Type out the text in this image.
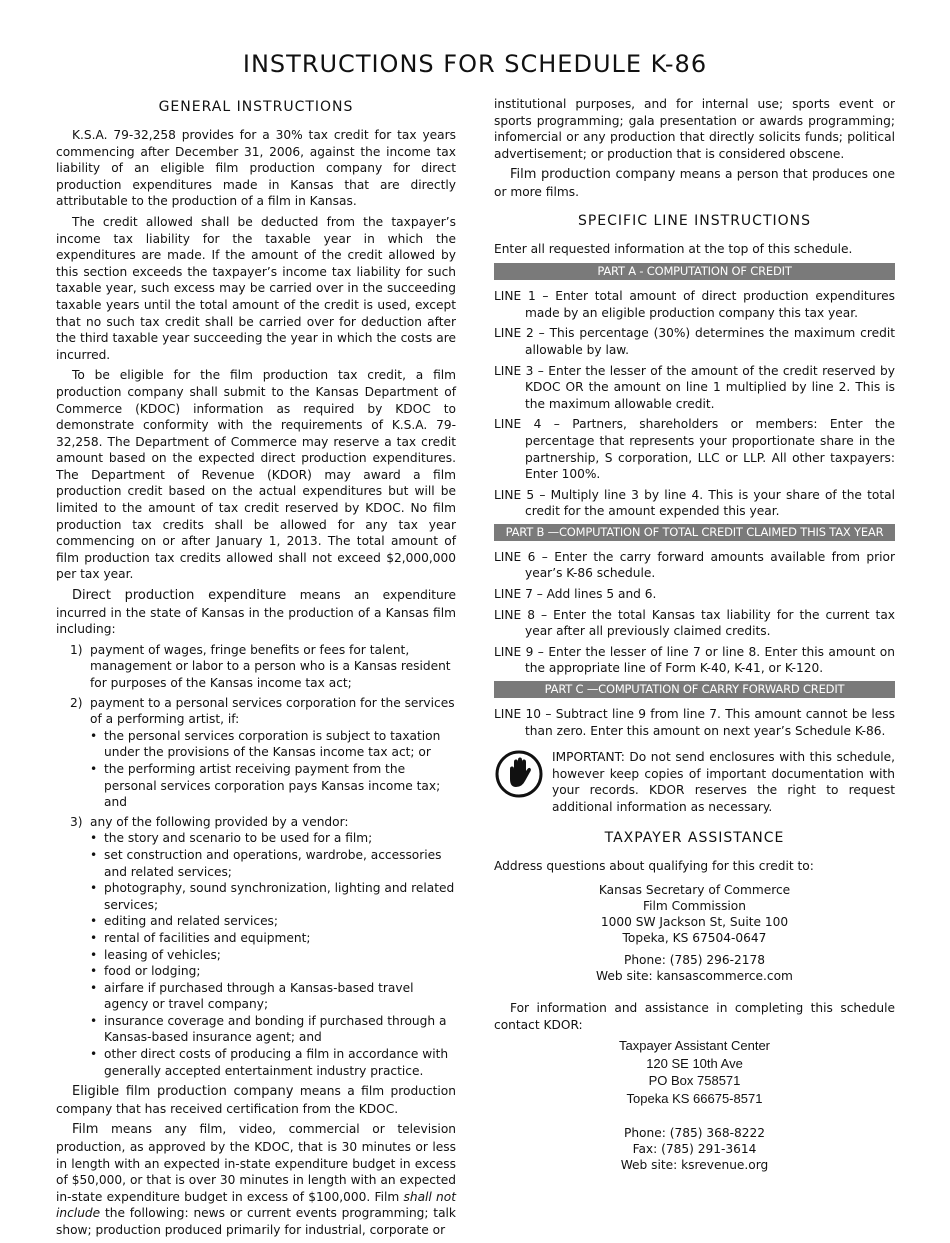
INSTRUCTIONS FOR SCHEDULE K-86
GENERAL INSTRUCTIONS

K.S.A. 79-32,258 provides for a 30% tax credit for tax years commencing after December 31, 2006, against the income tax liability of an eligible film production company for direct production expenditures made in Kansas that are directly attributable to the production of a film in Kansas.

The credit allowed shall be deducted from the taxpayer’s income tax liability for the taxable year in which the expenditures are made. If the amount of the credit allowed by this section exceeds the taxpayer’s income tax liability for such taxable year, such excess may be carried over in the succeeding taxable years until the total amount of the credit is used, except that no such tax credit shall be carried over for deduction after the third taxable year succeeding the year in which the costs are incurred.

To be eligible for the film production tax credit, a film production company shall submit to the Kansas Department of Commerce (KDOC) information as required by KDOC to demonstrate conformity with the requirements of K.S.A. 79-32,258. The Department of Commerce may reserve a tax credit amount based on the expected direct production expenditures. The Department of Revenue (KDOR) may award a film production credit based on the actual expenditures but will be limited to the amount of tax credit reserved by KDOC. No film production tax credits shall be allowed for any tax year commencing on or after January 1, 2013. The total amount of film production tax credits allowed shall not exceed $2,000,000 per tax year.

Direct production expenditure means an expenditure incurred in the state of Kansas in the production of a Kansas film including:

1) payment of wages, fringe benefits or fees for talent, management or labor to a person who is a Kansas resident for purposes of the Kansas income tax act;
2) payment to a personal services corporation for the services of a performing artist, if:
• the personal services corporation is subject to taxation under the provisions of the Kansas income tax act; or
• the performing artist receiving payment from the personal services corporation pays Kansas income tax; and
3) any of the following provided by a vendor:
• the story and scenario to be used for a film;
• set construction and operations, wardrobe, accessories and related services;
• photography, sound synchronization, lighting and related services;
• editing and related services;
• rental of facilities and equipment;
• leasing of vehicles;
• food or lodging;
• airfare if purchased through a Kansas-based travel agency or travel company;
• insurance coverage and bonding if purchased through a Kansas-based insurance agent; and
• other direct costs of producing a film in accordance with generally accepted entertainment industry practice.

Eligible film production company means a film production company that has received certification from the KDOC.

Film means any film, video, commercial or television production, as approved by the KDOC, that is 30 minutes or less in length with an expected in-state expenditure budget in excess of $50,000, or that is over 30 minutes in length with an expected in-state expenditure budget in excess of $100,000. Film shall not include the following: news or current events programming; talk show; production produced primarily for industrial, corporate or

institutional purposes, and for internal use; sports event or sports programming; gala presentation or awards programming; infomercial or any production that directly solicits funds; political advertisement; or production that is considered obscene.

Film production company means a person that produces one or more films.

SPECIFIC LINE INSTRUCTIONS

Enter all requested information at the top of this schedule.

PART A - COMPUTATION OF CREDIT

LINE 1 – Enter total amount of direct production expenditures made by an eligible production company this tax year.

LINE 2 – This percentage (30%) determines the maximum credit allowable by law.

LINE 3 – Enter the lesser of the amount of the credit reserved by KDOC OR the amount on line 1 multiplied by line 2. This is the maximum allowable credit.

LINE 4 – Partners, shareholders or members: Enter the percentage that represents your proportionate share in the partnership, S corporation, LLC or LLP. All other taxpayers: Enter 100%.

LINE 5 – Multiply line 3 by line 4. This is your share of the total credit for the amount expended this year.

PART B —COMPUTATION OF TOTAL CREDIT CLAIMED THIS TAX YEAR

LINE 6 – Enter the carry forward amounts available from prior year’s K-86 schedule.

LINE 7 – Add lines 5 and 6.

LINE 8 – Enter the total Kansas tax liability for the current tax year after all previously claimed credits.

LINE 9 – Enter the lesser of line 7 or line 8. Enter this amount on the appropriate line of Form K-40, K-41, or K-120.

PART C —COMPUTATION OF CARRY FORWARD CREDIT

LINE 10 – Subtract line 9 from line 7. This amount cannot be less than zero. Enter this amount on next year’s Schedule K-86.

IMPORTANT: Do not send enclosures with this schedule, however keep copies of important documentation with your records. KDOR reserves the right to request additional information as necessary.
TAXPAYER ASSISTANCE

Address questions about qualifying for this credit to:

Kansas Secretary of Commerce
Film Commission
1000 SW Jackson St, Suite 100
Topeka, KS 67504-0647
Phone: (785) 296-2178
Web site: kansascommerce.com

For information and assistance in completing this schedule contact KDOR:

Taxpayer Assistant Center
120 SE 10th Ave
PO Box 758571
Topeka KS 66675-8571
Phone: (785) 368-8222
Fax: (785) 291-3614
Web site: ksrevenue.org
